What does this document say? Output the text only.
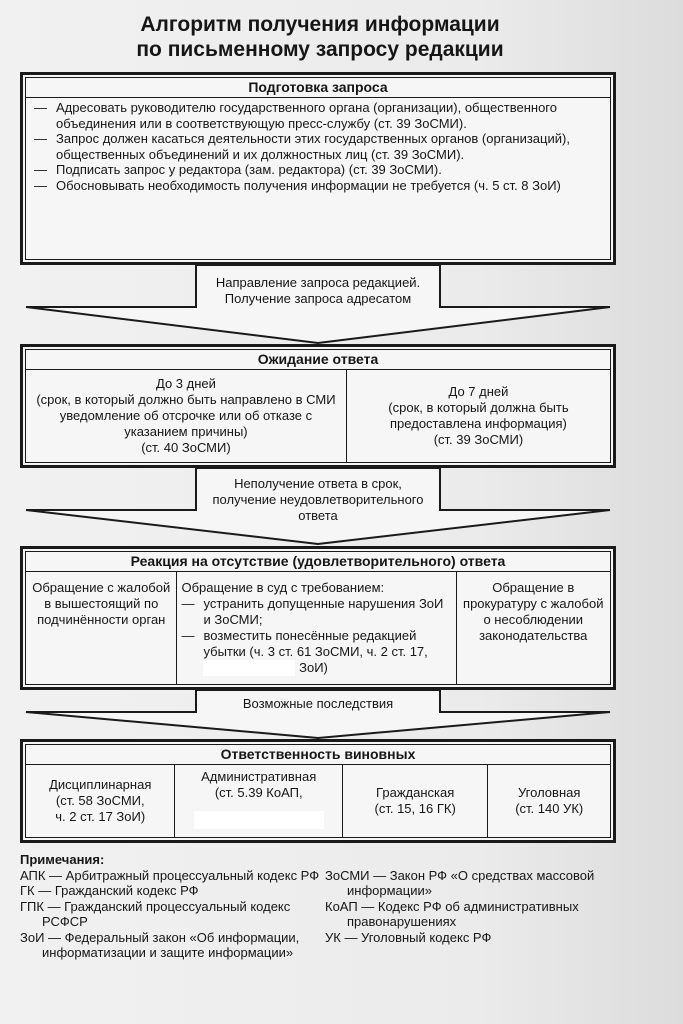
Алгоритм получения информации
по письменному запросу редакции
Подготовка запроса
— Адресовать руководителю государственного органа (организации), общественного объединения или в соответствующую пресс-службу (ст. 39 ЗоСМИ).
— Запрос должен касаться деятельности этих государственных органов (организаций), общественных объединений и их должностных лиц (ст. 39 ЗоСМИ).
— Подписать запрос у редактора (зам. редактора) (ст. 39 ЗоСМИ).
— Обосновывать необходимость получения информации не требуется (ч. 5 ст. 8 ЗоИ)
Направление запроса редакцией.
Получение запроса адресатом
Ожидание ответа
До 3 дней
(срок, в который должно быть направлено в СМИ уведомление об отсрочке или об отказе с указанием причины)
(ст. 40 ЗоСМИ)
До 7 дней
(срок, в который должна быть предоставлена информация)
(ст. 39 ЗоСМИ)
Неполучение ответа в срок,
получение неудовлетворительного
ответа
Реакция на отсутствие (удовлетворительного) ответа
Обращение с жалобой в вышестоящий по подчинённости орган
Обращение в суд с требованием:
— устранить допущенные нарушения ЗоИ и ЗоСМИ;
— возместить понесённые редакцией убытки (ч. 3 ст. 61 ЗоСМИ, ч. 2 ст. 17,   ЗоИ)
Обращение в прокуратуру с жалобой о несоблюдении законодательства
Возможные последствия
Ответственность виновных
Дисциплинарная
(ст. 58 ЗоСМИ,
ч. 2 ст. 17 ЗоИ)
Административная
(ст. 5.39 КоАП,	Гражданская
(ст. 15, 16 ГК)
Уголовная
(ст. 140 УК)
Примечания:
АПК — Арбитражный процессуальный кодекс РФ
ГК — Гражданский кодекс РФ
ГПК — Гражданский процессуальный кодекс РСФСР
ЗоИ — Федеральный закон «Об информации, информатизации и защите информации»
ЗоСМИ — Закон РФ «О средствах массовой информации»
КоАП — Кодекс РФ об административных правонарушениях
УК — Уголовный кодекс РФ
